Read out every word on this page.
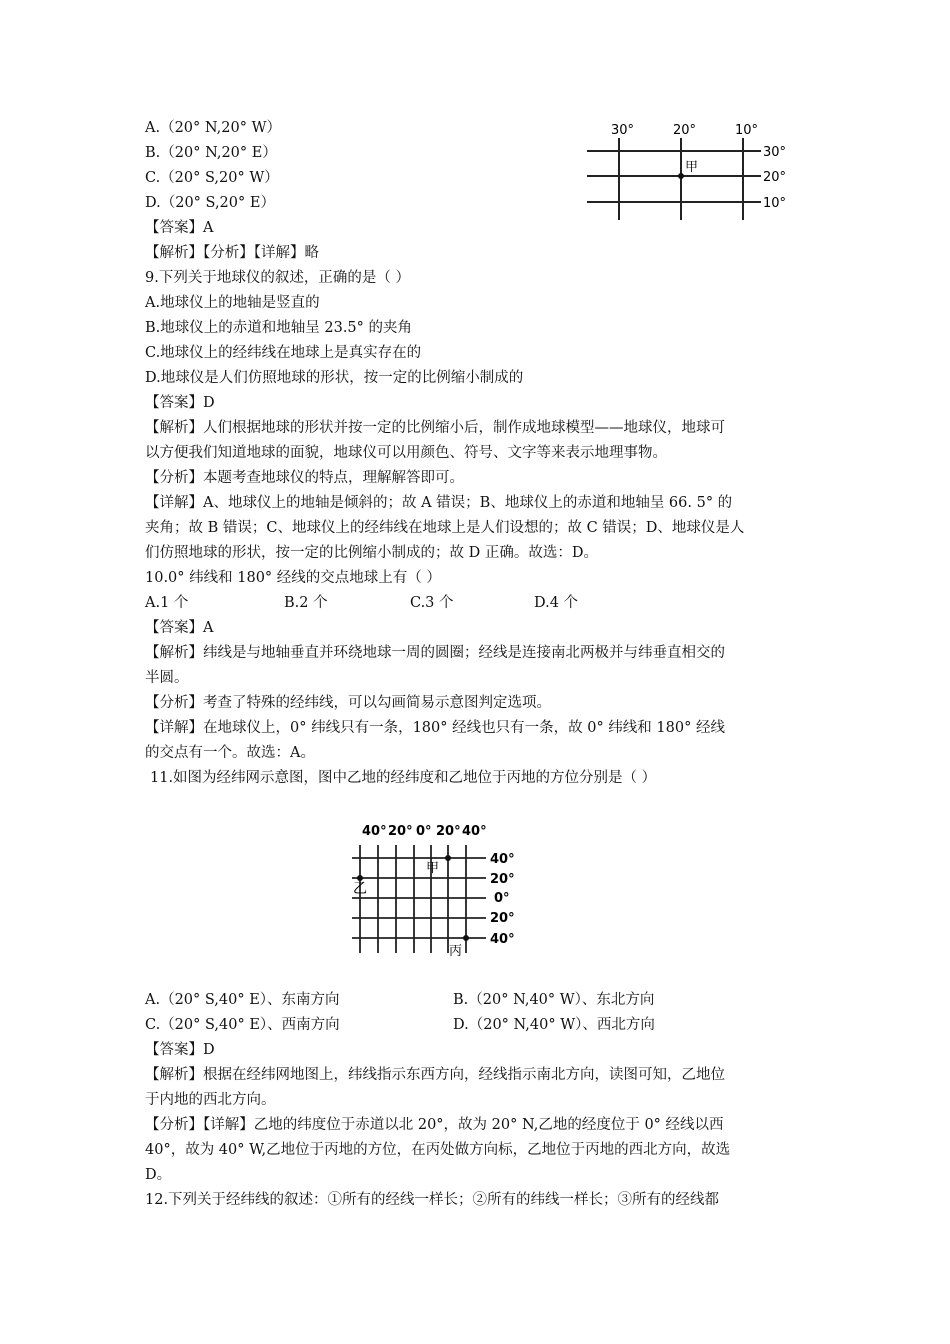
A.（20° N,20° W）
B.（20° N,20° E）
C.（20° S,20° W）
D.（20° S,20° E）
【答案】A
【解析】【分析】【详解】略
30°	20°	10°
30°
20°
10°
甲
9.下列关于地球仪的叙述，正确的是（ ）
A.地球仪上的地轴是竖直的
B.地球仪上的赤道和地轴呈 23.5° 的夹角
C.地球仪上的经纬线在地球上是真实存在的
D.地球仪是人们仿照地球的形状，按一定的比例缩小制成的
【答案】D
【解析】人们根据地球的形状并按一定的比例缩小后，制作成地球模型——地球仪，地球可
以方便我们知道地球的面貌，地球仪可以用颜色、符号、文字等来表示地理事物。
【分析】本题考查地球仪的特点，理解解答即可。
【详解】A、地球仪上的地轴是倾斜的；故 A 错误；B、地球仪上的赤道和地轴呈 66. 5° 的
夹角；故 B 错误；C、地球仪上的经纬线在地球上是人们设想的；故 C 错误；D、地球仪是人
们仿照地球的形状，按一定的比例缩小制成的；故 D 正确。故选：D。
10.0° 纬线和 180° 经线的交点地球上有（ ）
A.1 个	B.2 个	C.3 个	D.4 个
【答案】A
【解析】纬线是与地轴垂直并环绕地球一周的圆圈；经线是连接南北两极并与纬垂直相交的
半圆。
【分析】考查了特殊的经纬线，可以勾画简易示意图判定选项。
【详解】在地球仪上，0° 纬线只有一条，180° 经线也只有一条，故 0° 纬线和 180° 经线
的交点有一个。故选：A。
11.如图为经纬网示意图，图中乙地的经纬度和乙地位于丙地的方位分别是（ ）
40° 20° 0° 20° 40°
40°
20°
0°
20°
40°
甲
乙
丙
A.（20° S,40° E）、东南方向	B.（20° N,40° W）、东北方向
C.（20° S,40° E）、西南方向	D.（20° N,40° W）、西北方向
【答案】D
【解析】根据在经纬网地图上，纬线指示东西方向，经线指示南北方向，读图可知，乙地位
于内地的西北方向。
【分析】【详解】乙地的纬度位于赤道以北 20°，故为 20° N,乙地的经度位于 0° 经线以西
40°，故为 40° W,乙地位于丙地的方位，在丙处做方向标，乙地位于丙地的西北方向，故选
D。
12.下列关于经纬线的叙述：①所有的经线一样长；②所有的纬线一样长；③所有的经线都
